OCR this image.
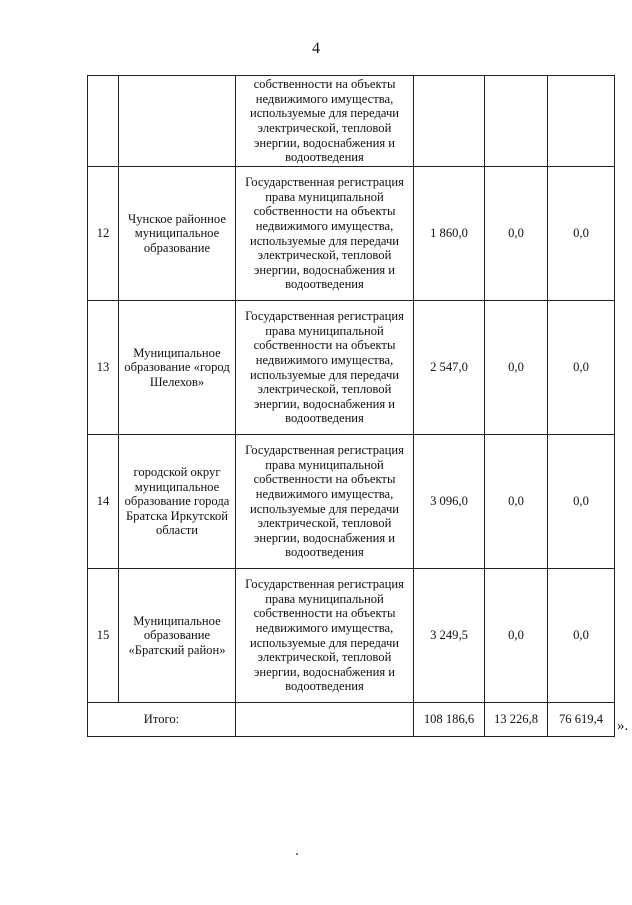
4
		собственности на объекты недвижимого имущества, используемые для передачи электрической, тепловой энергии, водоснабжения и водоотведения			
12	Чунское районное муниципальное образование	Государственная регистрация права муниципальной собственности на объекты недвижимого имущества, используемые для передачи электрической, тепловой энергии, водоснабжения и водоотведения	1 860,0	0,0	0,0
13	Муниципальное образование «город Шелехов»	Государственная регистрация права муниципальной собственности на объекты недвижимого имущества, используемые для передачи электрической, тепловой энергии, водоснабжения и водоотведения	2 547,0	0,0	0,0
14	городской округ муниципальное образование города Братска Иркутской области	Государственная регистрация права муниципальной собственности на объекты недвижимого имущества, используемые для передачи электрической, тепловой энергии, водоснабжения и водоотведения	3 096,0	0,0	0,0
15	Муниципальное образование «Братский район»	Государственная регистрация права муниципальной собственности на объекты недвижимого имущества, используемые для передачи электрической, тепловой энергии, водоснабжения и водоотведения	3 249,5	0,0	0,0
Итого:			108 186,6	13 226,8	76 619,4 ».
